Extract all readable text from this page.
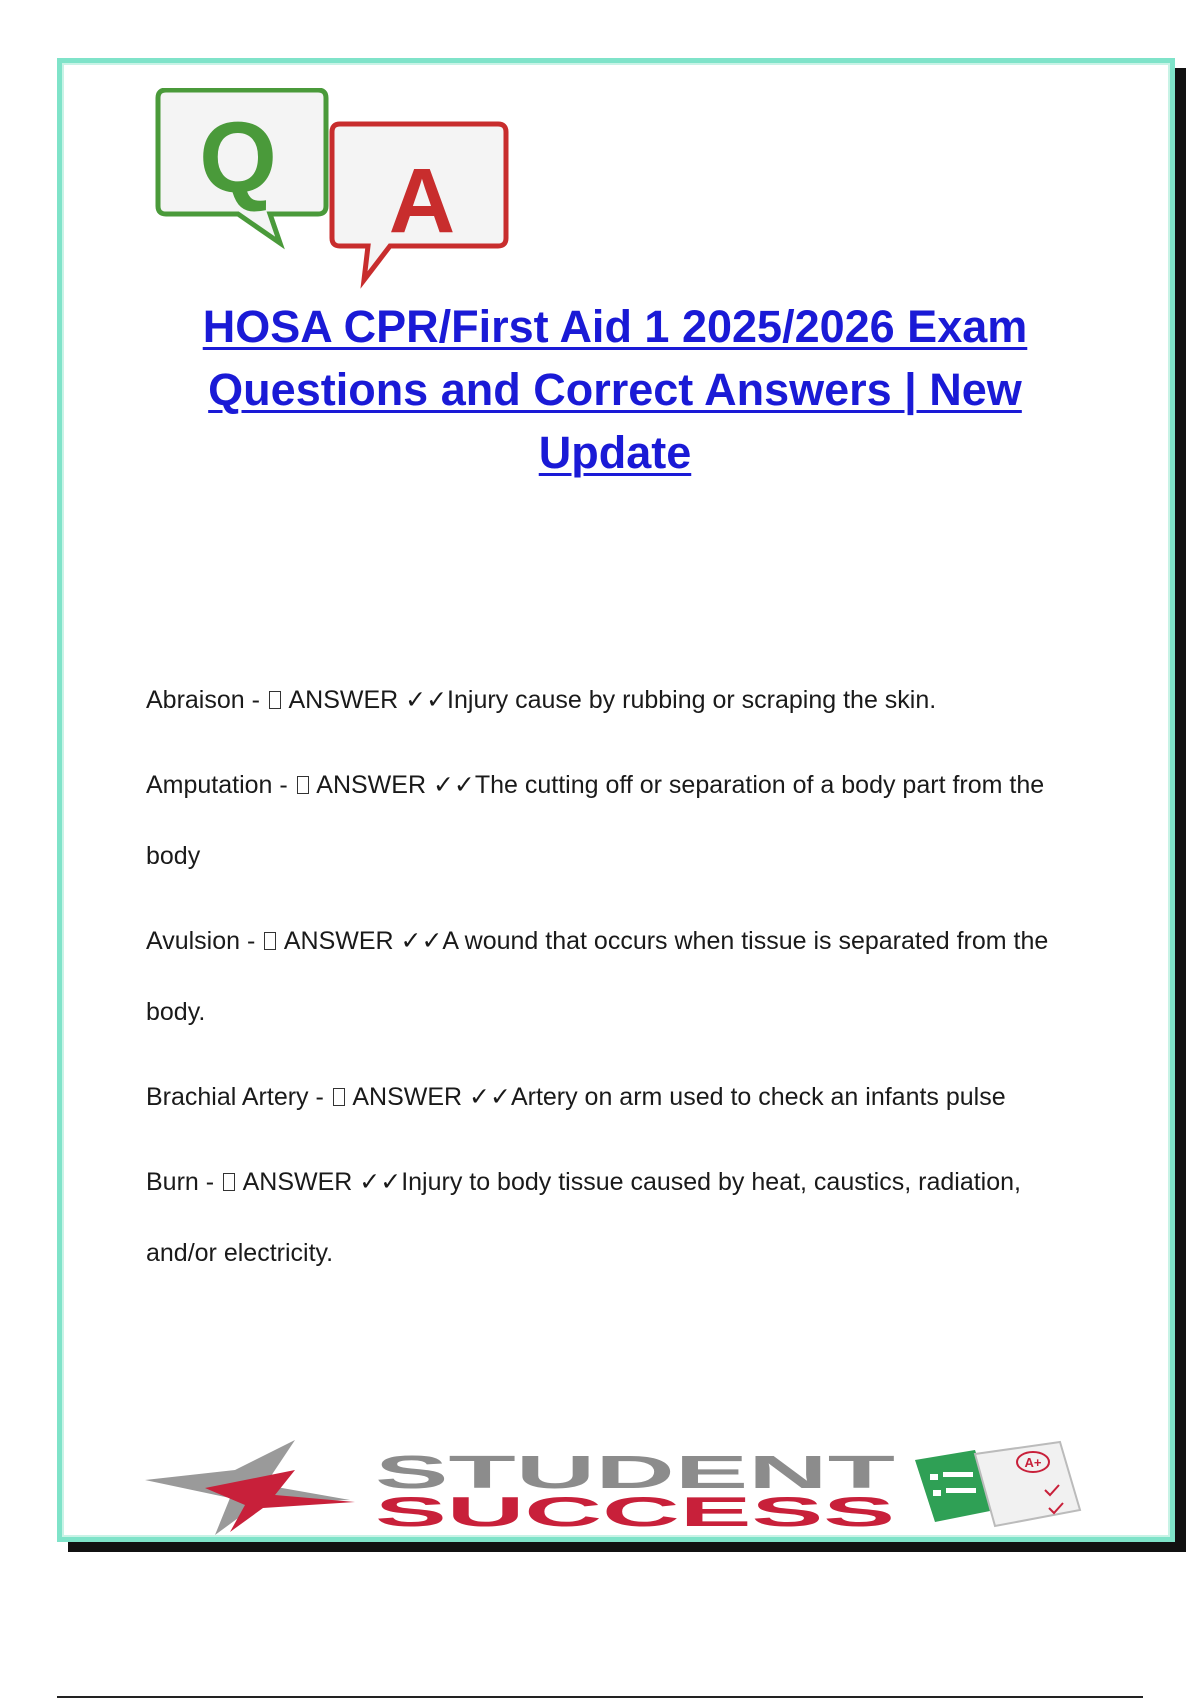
Q A
HOSA CPR/First Aid 1 2025/2026 Exam Questions and Correct Answers | New Update

Abraison -  ANSWER ✓✓Injury cause by rubbing or scraping the skin.

Amputation -  ANSWER ✓✓The cutting off or separation of a body part from the body

Avulsion -  ANSWER ✓✓A wound that occurs when tissue is separated from the body.

Brachial Artery -  ANSWER ✓✓Artery on arm used to check an infants pulse

Burn -  ANSWER ✓✓Injury to body tissue caused by heat, caustics, radiation, and/or electricity.

STUDENT
SUCCESS
A+
